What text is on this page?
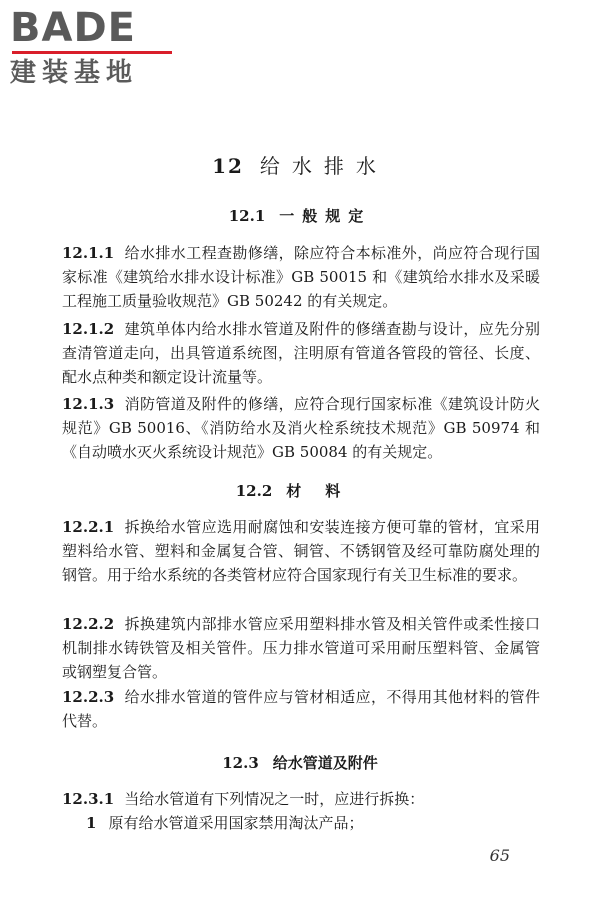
BADE
建装基地
12 给水排水
12.1 一般规定
12.1.1 给水排水工程查勘修缮，除应符合本标准外，尚应符合现行国家标准《建筑给水排水设计标准》GB 50015 和《建筑给水排水及采暖工程施工质量验收规范》GB 50242 的有关规定。
12.1.2 建筑单体内给水排水管道及附件的修缮查勘与设计，应先分别查清管道走向，出具管道系统图，注明原有管道各管段的管径、长度、配水点种类和额定设计流量等。
12.1.3 消防管道及附件的修缮，应符合现行国家标准《建筑设计防火规范》GB 50016、《消防给水及消火栓系统技术规范》GB 50974 和《自动喷水灭火系统设计规范》GB 50084 的有关规定。
12.2 材料
12.2.1 拆换给水管应选用耐腐蚀和安装连接方便可靠的管材，宜采用塑料给水管、塑料和金属复合管、铜管、不锈钢管及经可靠防腐处理的钢管。用于给水系统的各类管材应符合国家现行有关卫生标准的要求。
12.2.2 拆换建筑内部排水管应采用塑料排水管及相关管件或柔性接口机制排水铸铁管及相关管件。压力排水管道可采用耐压塑料管、金属管或钢塑复合管。
12.2.3 给水排水管道的管件应与管材相适应，不得用其他材料的管件代替。
12.3 给水管道及附件
12.3.1 当给水管道有下列情况之一时，应进行拆换：
1 原有给水管道采用国家禁用淘汰产品；
65
